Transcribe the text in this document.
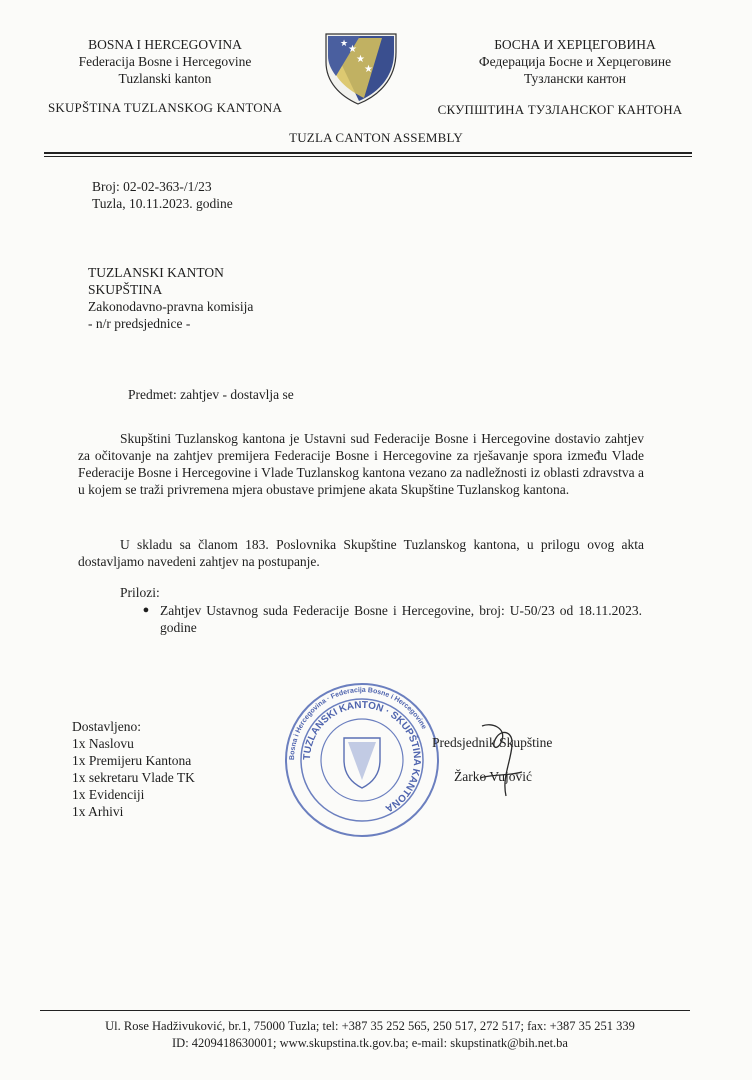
BOSNA I HERCEGOVINA
Federacija Bosne i Hercegovine
Tuzlanski kanton
SKUPŠTINA TUZLANSKOG KANTONA
★
★
★
★	БОСНА И ХЕРЦЕГОВИНА
Федерација Босне и Херцеговине
Тузлански кантон
СКУПШТИНА ТУЗЛАНСКОГ КАНТОНА
TUZLA CANTON ASSEMBLY
Broj: 02-02-363-/1/23
Tuzla, 10.11.2023. godine
TUZLANSKI KANTON
SKUPŠTINA
Zakonodavno-pravna komisija
- n/r predsjednice -
Predmet: zahtjev - dostavlja se
Skupštini Tuzlanskog kantona je Ustavni sud Federacije Bosne i Hercegovine dostavio zahtjev za očitovanje na zahtjev premijera Federacije Bosne i Hercegovine za rješavanje spora između Vlade Federacije Bosne i Hercegovine i Vlade Tuzlanskog kantona vezano za nadležnosti iz oblasti zdravstva a u kojem se traži privremena mjera obustave primjene akata Skupštine Tuzlanskog kantona.
U skladu sa članom 183. Poslovnika Skupštine Tuzlanskog kantona, u prilogu ovog akta dostavljamo navedeni zahtjev na postupanje.
Prilozi:
● Zahtjev Ustavnog suda Federacije Bosne i Hercegovine, broj: U-50/23 od 18.11.2023. godine
Bosna i Hercegovina · Federacija Bosne i Hercegovine
TUZLANSKI KANTON · SKUPŠTINA KANTONA
Dostavljeno:
1x Naslovu
1x Premijeru Kantona
1x sekretaru Vlade TK
1x Evidenciji
1x Arhivi
Predsjednik Skupštine
Žarko Vujović
Ul. Rose Hadživuković, br.1, 75000 Tuzla; tel: +387 35 252 565, 250 517, 272 517; fax: +387 35 251 339
ID: 4209418630001; www.skupstina.tk.gov.ba; e-mail: skupstinatk@bih.net.ba
